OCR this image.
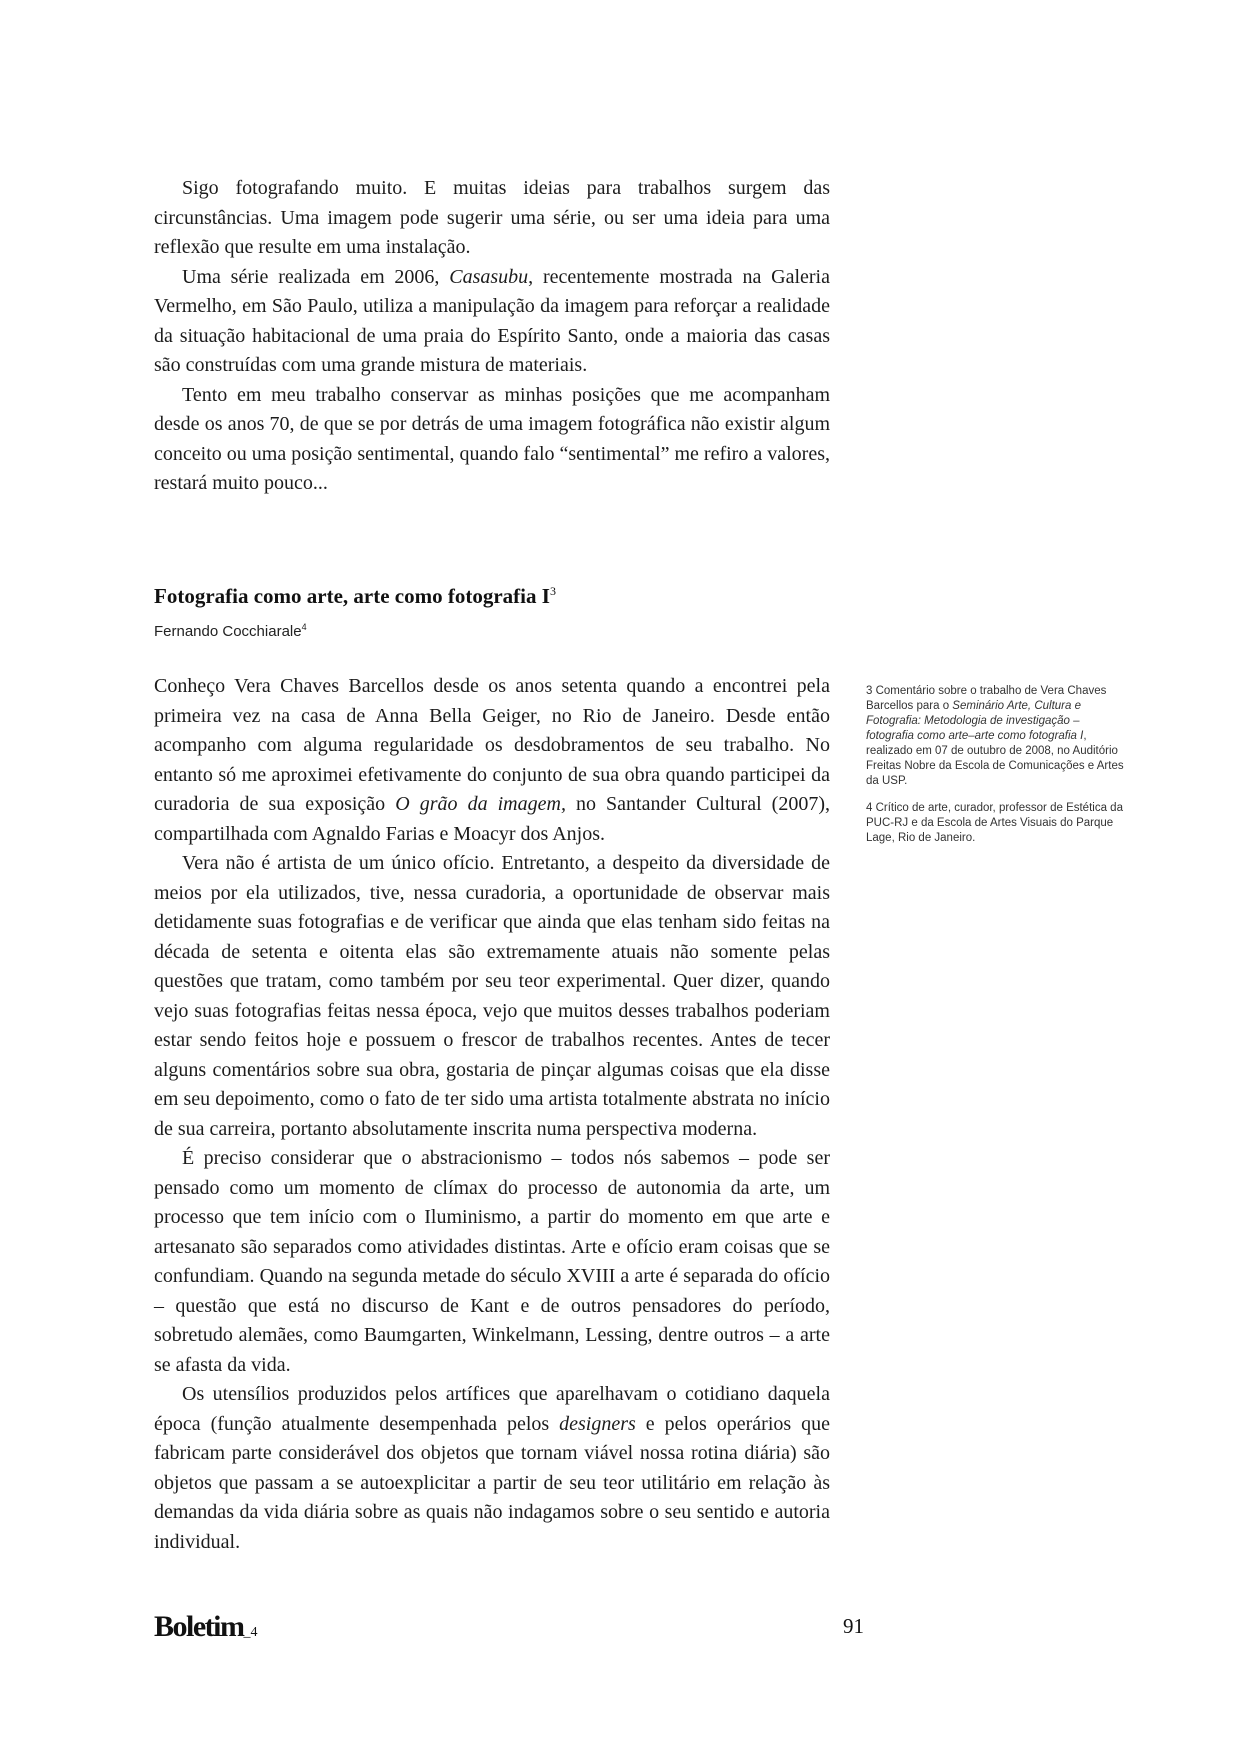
Sigo fotografando muito. E muitas ideias para trabalhos surgem das circunstâncias. Uma imagem pode sugerir uma série, ou ser uma ideia para uma reflexão que resulte em uma instalação.

Uma série realizada em 2006, Casasubu, recentemente mostrada na Galeria Vermelho, em São Paulo, utiliza a manipulação da imagem para reforçar a realidade da situação habitacional de uma praia do Espírito Santo, onde a maioria das casas são construídas com uma grande mistura de materiais.

Tento em meu trabalho conservar as minhas posições que me acompanham desde os anos 70, de que se por detrás de uma imagem fotográfica não existir algum conceito ou uma posição sentimental, quando falo “sentimental” me refiro a valores, restará muito pouco...

Fotografia como arte, arte como fotografia $I^3$
Fernando Cocchiarale$^4$

Conheço Vera Chaves Barcellos desde os anos setenta quando a encontrei pela primeira vez na casa de Anna Bella Geiger, no Rio de Janeiro. Desde então acompanho com alguma regularidade os desdobramentos de seu trabalho. No entanto só me aproximei efetivamente do conjunto de sua obra quando participei da curadoria de sua exposição O grão da imagem, no Santander Cultural (2007), compartilhada com Agnaldo Farias e Moacyr dos Anjos.

Vera não é artista de um único ofício. Entretanto, a despeito da diversidade de meios por ela utilizados, tive, nessa curadoria, a oportunidade de observar mais detidamente suas fotografias e de verificar que ainda que elas tenham sido feitas na década de setenta e oitenta elas são extremamente atuais não somente pelas questões que tratam, como também por seu teor experimental. Quer dizer, quando vejo suas fotografias feitas nessa época, vejo que muitos desses trabalhos poderiam estar sendo feitos hoje e possuem o frescor de trabalhos recentes. Antes de tecer alguns comentários sobre sua obra, gostaria de pinçar algumas coisas que ela disse em seu depoimento, como o fato de ter sido uma artista totalmente abstrata no início de sua carreira, portanto absolutamente inscrita numa perspectiva moderna.

É preciso considerar que o abstracionismo – todos nós sabemos – pode ser pensado como um momento de clímax do processo de autonomia da arte, um processo que tem início com o Iluminismo, a partir do momento em que arte e artesanato são separados como atividades distintas. Arte e ofício eram coisas que se confundiam. Quando na segunda metade do século XVIII a arte é separada do ofício – questão que está no discurso de Kant e de outros pensadores do período, sobretudo alemães, como Baumgarten, Winkelmann, Lessing, dentre outros – a arte se afasta da vida.

Os utensílios produzidos pelos artífices que aparelhavam o cotidiano daquela época (função atualmente desempenhada pelos designers e pelos operários que fabricam parte considerável dos objetos que tornam viável nossa rotina diária) são objetos que passam a se autoexplicitar a partir de seu teor utilitário em relação às demandas da vida diária sobre as quais não indagamos sobre o seu sentido e autoria individual.

3 Comentário sobre o trabalho de Vera Chaves Barcellos para o Seminário Arte, Cultura e Fotografia: Metodologia de investigação – fotografia como arte–arte como fotografia I, realizado em 07 de outubro de 2008, no Auditório Freitas Nobre da Escola de Comunicações e Artes da USP.

4 Crítico de arte, curador, professor de Estética da PUC-RJ e da Escola de Artes Visuais do Parque Lage, Rio de Janeiro.

Boletim_4	91
